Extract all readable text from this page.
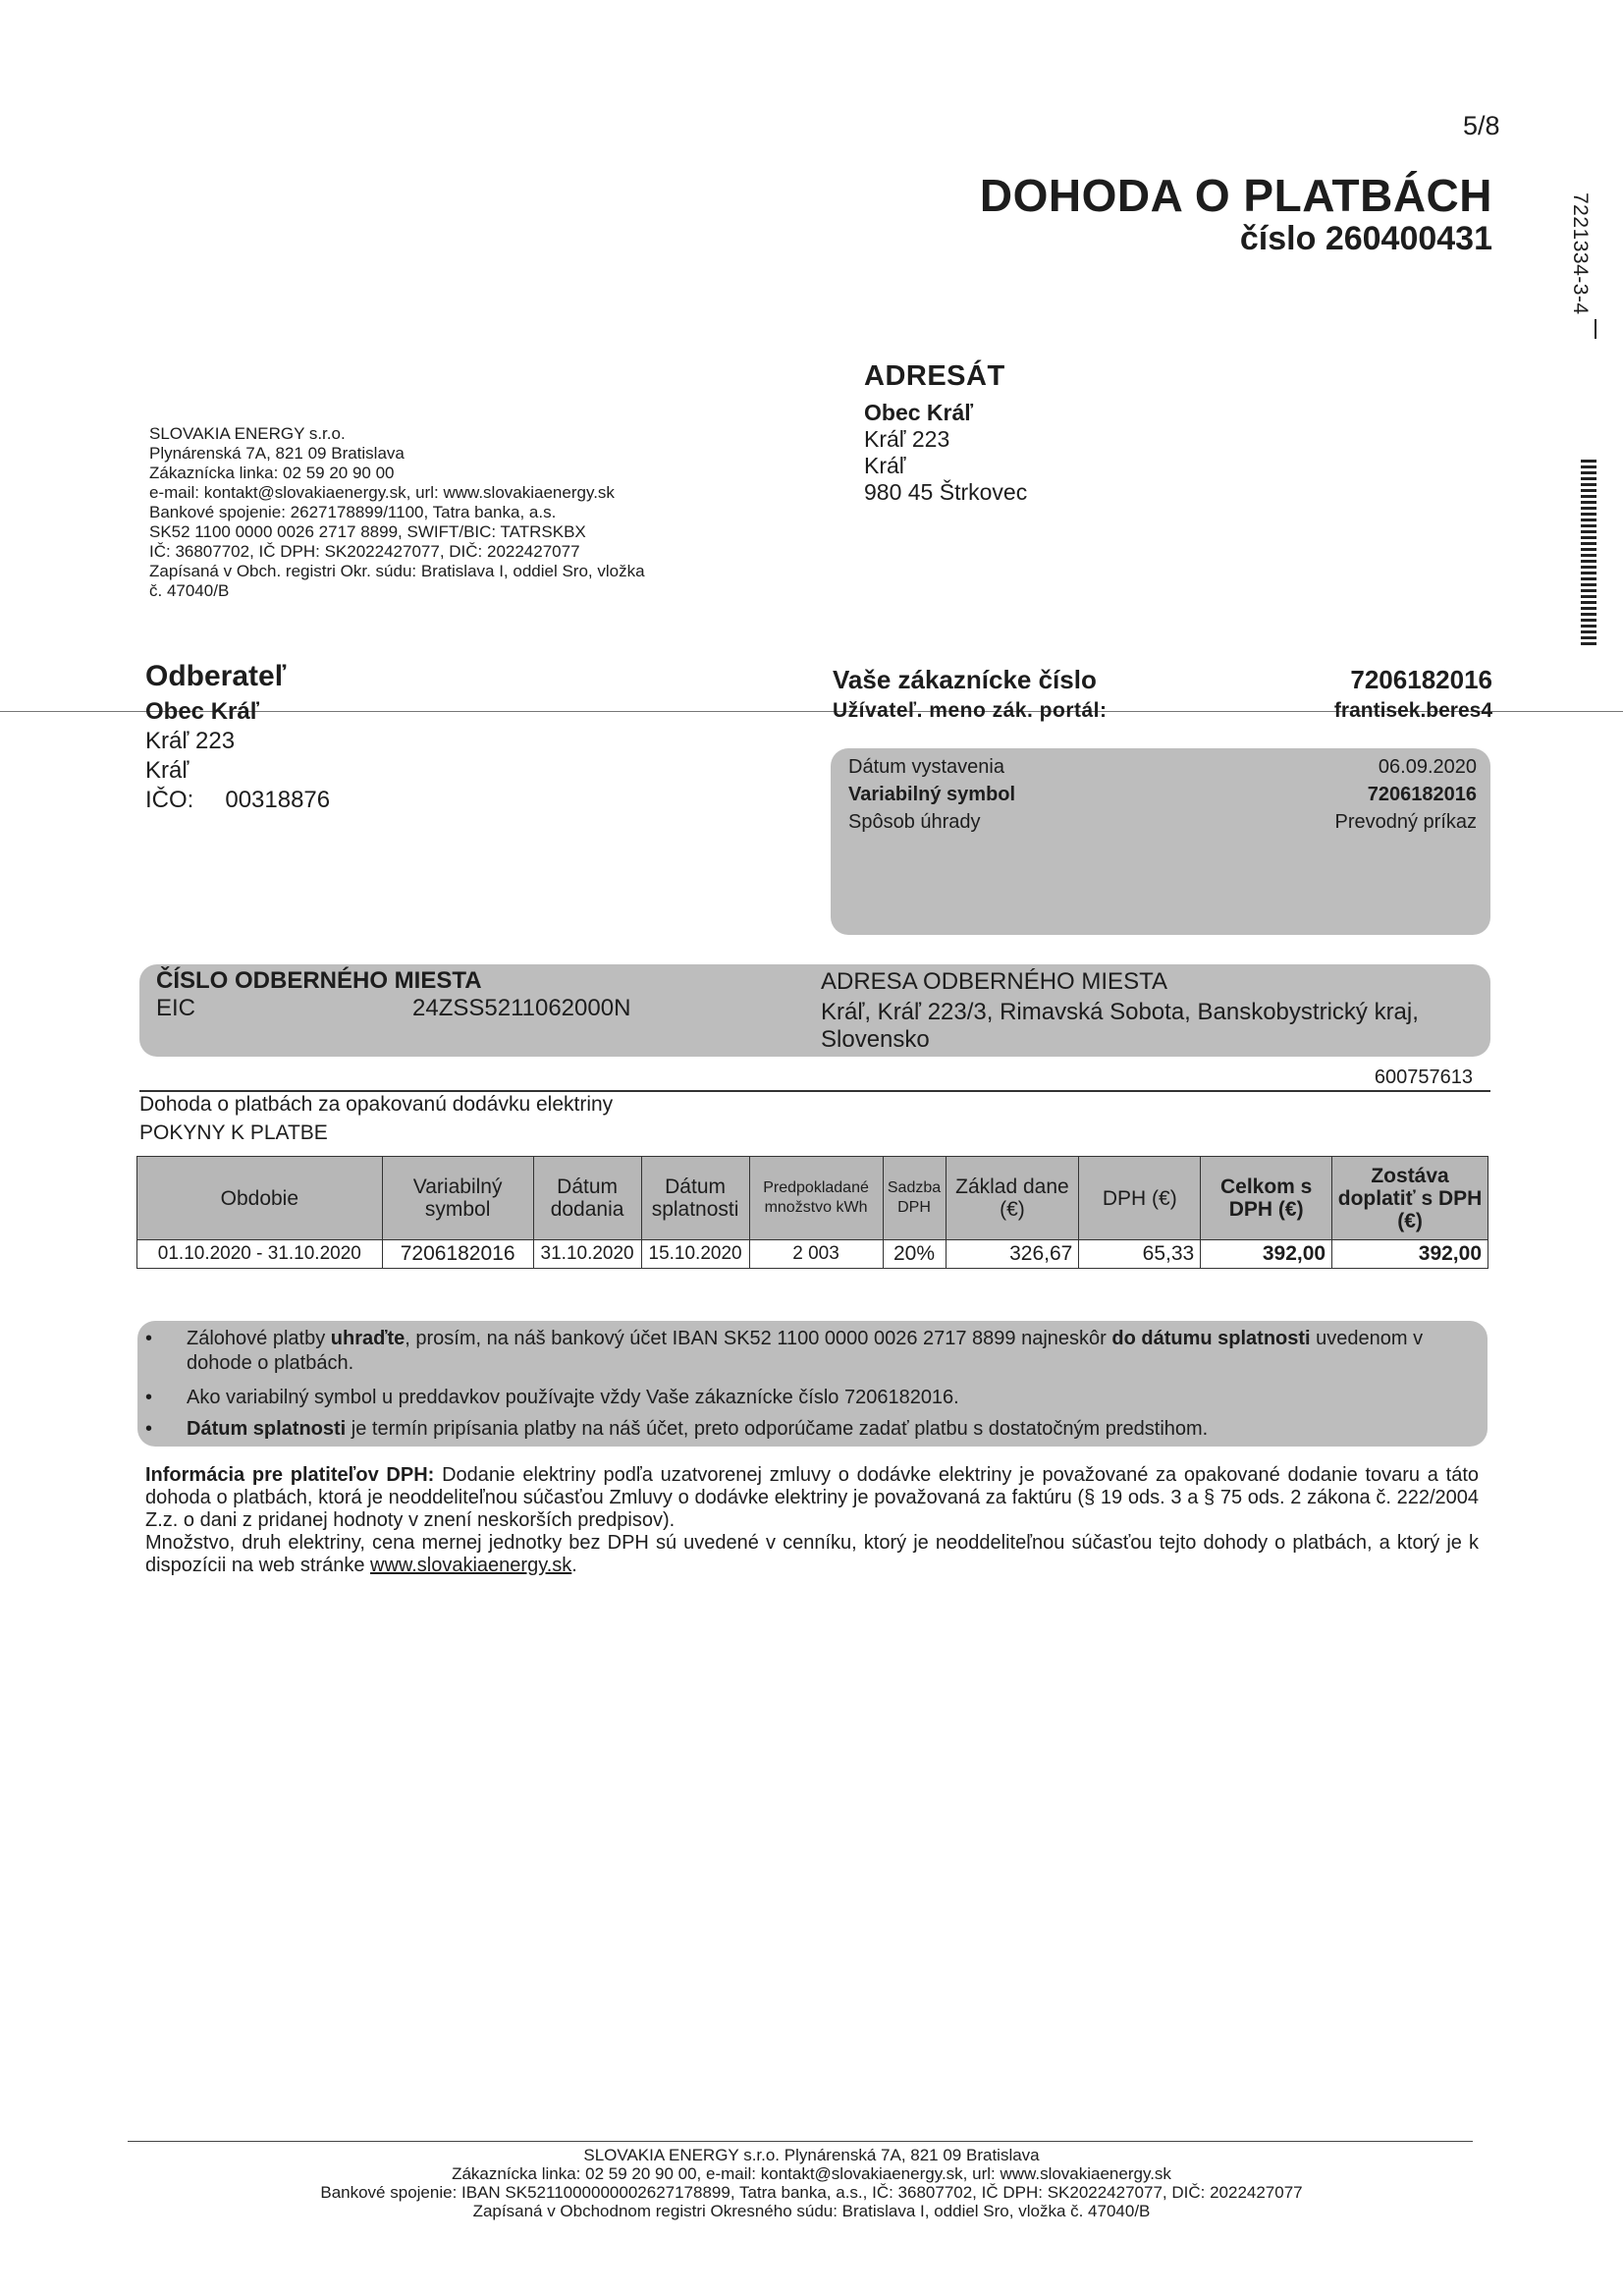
5/8
DOHODA O PLATBÁCH
číslo 260400431	7221334-3-4
SLOVAKIA ENERGY s.r.o.
Plynárenská 7A, 821 09 Bratislava
Zákaznícka linka: 02 59 20 90 00
e-mail: kontakt@slovakiaenergy.sk, url: www.slovakiaenergy.sk
Bankové spojenie: 2627178899/1100, Tatra banka, a.s.
SK52 1100 0000 0026 2717 8899, SWIFT/BIC: TATRSKBX
IČ: 36807702, IČ DPH: SK2022427077, DIČ: 2022427077
Zapísaná v Obch. registri Okr. súdu: Bratislava I, oddiel Sro, vložka
č. 47040/B
ADRESÁT
Obec Kráľ
Kráľ 223
Kráľ
980 45 Štrkovec
Odberateľ
Obec Kráľ
Kráľ 223
Kráľ
IČO: 00318876
Vaše zákaznícke číslo	7206182016
Užívateľ. meno zák. portál:	frantisek.beres4
Dátum vystavenia	06.09.2020
Variabilný symbol	7206182016
Spôsob úhrady	Prevodný príkaz
ČÍSLO ODBERNÉHO MIESTA
EIC	24ZSS5211062000N
ADRESA ODBERNÉHO MIESTA
Kráľ, Kráľ 223/3, Rimavská Sobota, Banskobystrický kraj, Slovensko
600757613
Dohoda o platbách za opakovanú dodávku elektriny
POKYNY K PLATBE
Obdobie	Variabilný symbol	Dátum dodania	Dátum splatnosti	Predpokladané množstvo kWh	Sadzba DPH	Základ dane (€)	DPH (€)	Celkom s DPH (€)	Zostáva doplatiť s DPH (€)
01.10.2020 - 31.10.2020	7206182016	31.10.2020	15.10.2020	2 003	20%	326,67	65,33	392,00	392,00
• Zálohové platby uhraďte, prosím, na náš bankový účet IBAN SK52 1100 0000 0026 2717 8899 najneskôr do dátumu splatnosti uvedenom v dohode o platbách.
• Ako variabilný symbol u preddavkov používajte vždy Vaše zákaznícke číslo 7206182016.
• Dátum splatnosti je termín pripísania platby na náš účet, preto odporúčame zadať platbu s dostatočným predstihom.

Informácia pre platiteľov DPH: Dodanie elektriny podľa uzatvorenej zmluvy o dodávke elektriny je považované za opakované dodanie tovaru a táto dohoda o platbách, ktorá je neoddeliteľnou súčasťou Zmluvy o dodávke elektriny je považovaná za faktúru (§ 19 ods. 3 a § 75 ods. 2 zákona č. 222/2004 Z.z. o dani z pridanej hodnoty v znení neskorších predpisov).

Množstvo, druh elektriny, cena mernej jednotky bez DPH sú uvedené v cenníku, ktorý je neoddeliteľnou súčasťou tejto dohody o platbách, a ktorý je k dispozícii na web stránke www.slovakiaenergy.sk.

SLOVAKIA ENERGY s.r.o. Plynárenská 7A, 821 09 Bratislava
Zákaznícka linka: 02 59 20 90 00, e-mail: kontakt@slovakiaenergy.sk, url: www.slovakiaenergy.sk
Bankové spojenie: IBAN SK5211000000002627178899, Tatra banka, a.s., IČ: 36807702, IČ DPH: SK2022427077, DIČ: 2022427077
Zapísaná v Obchodnom registri Okresného súdu: Bratislava I, oddiel Sro, vložka č. 47040/B
